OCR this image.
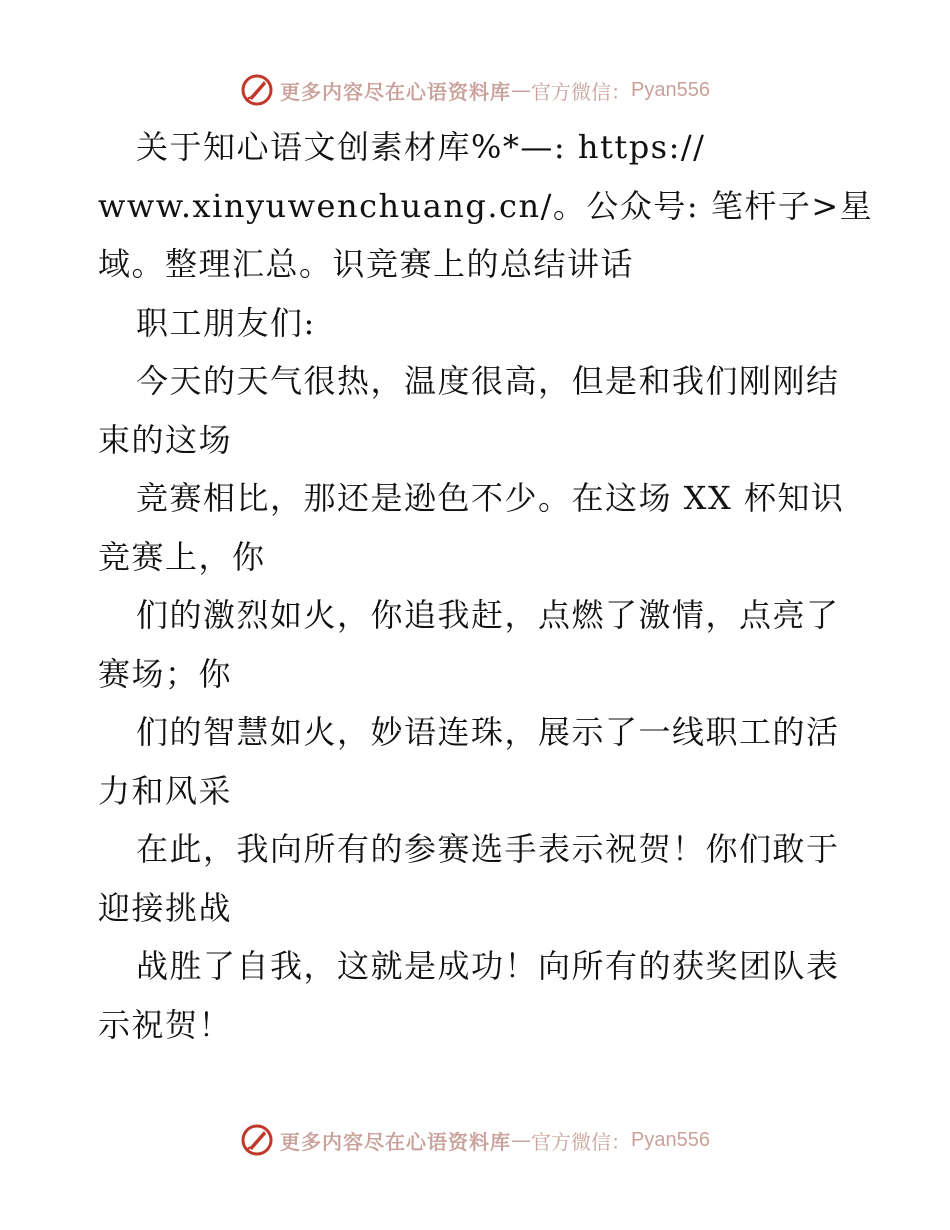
更多内容尽在心语资料库 — 官方微信： Pyan556
关于知心语文创素材库%*—: https://
www.xinyuwenchuang.cn/。公众号: 笔杆子>星
域。整理汇总。识竞赛上的总结讲话
职工朋友们:
今天的天气很热，温度很高，但是和我们刚刚结
束的这场
竞赛相比，那还是逊色不少。在这场 XX 杯知识
竞赛上，你
们的激烈如火，你追我赶，点燃了激情，点亮了
赛场；你
们的智慧如火，妙语连珠，展示了一线职工的活
力和风采
在此，我向所有的参赛选手表示祝贺！你们敢于
迎接挑战
战胜了自我，这就是成功！向所有的获奖团队表
示祝贺！
更多内容尽在心语资料库 — 官方微信： Pyan556
